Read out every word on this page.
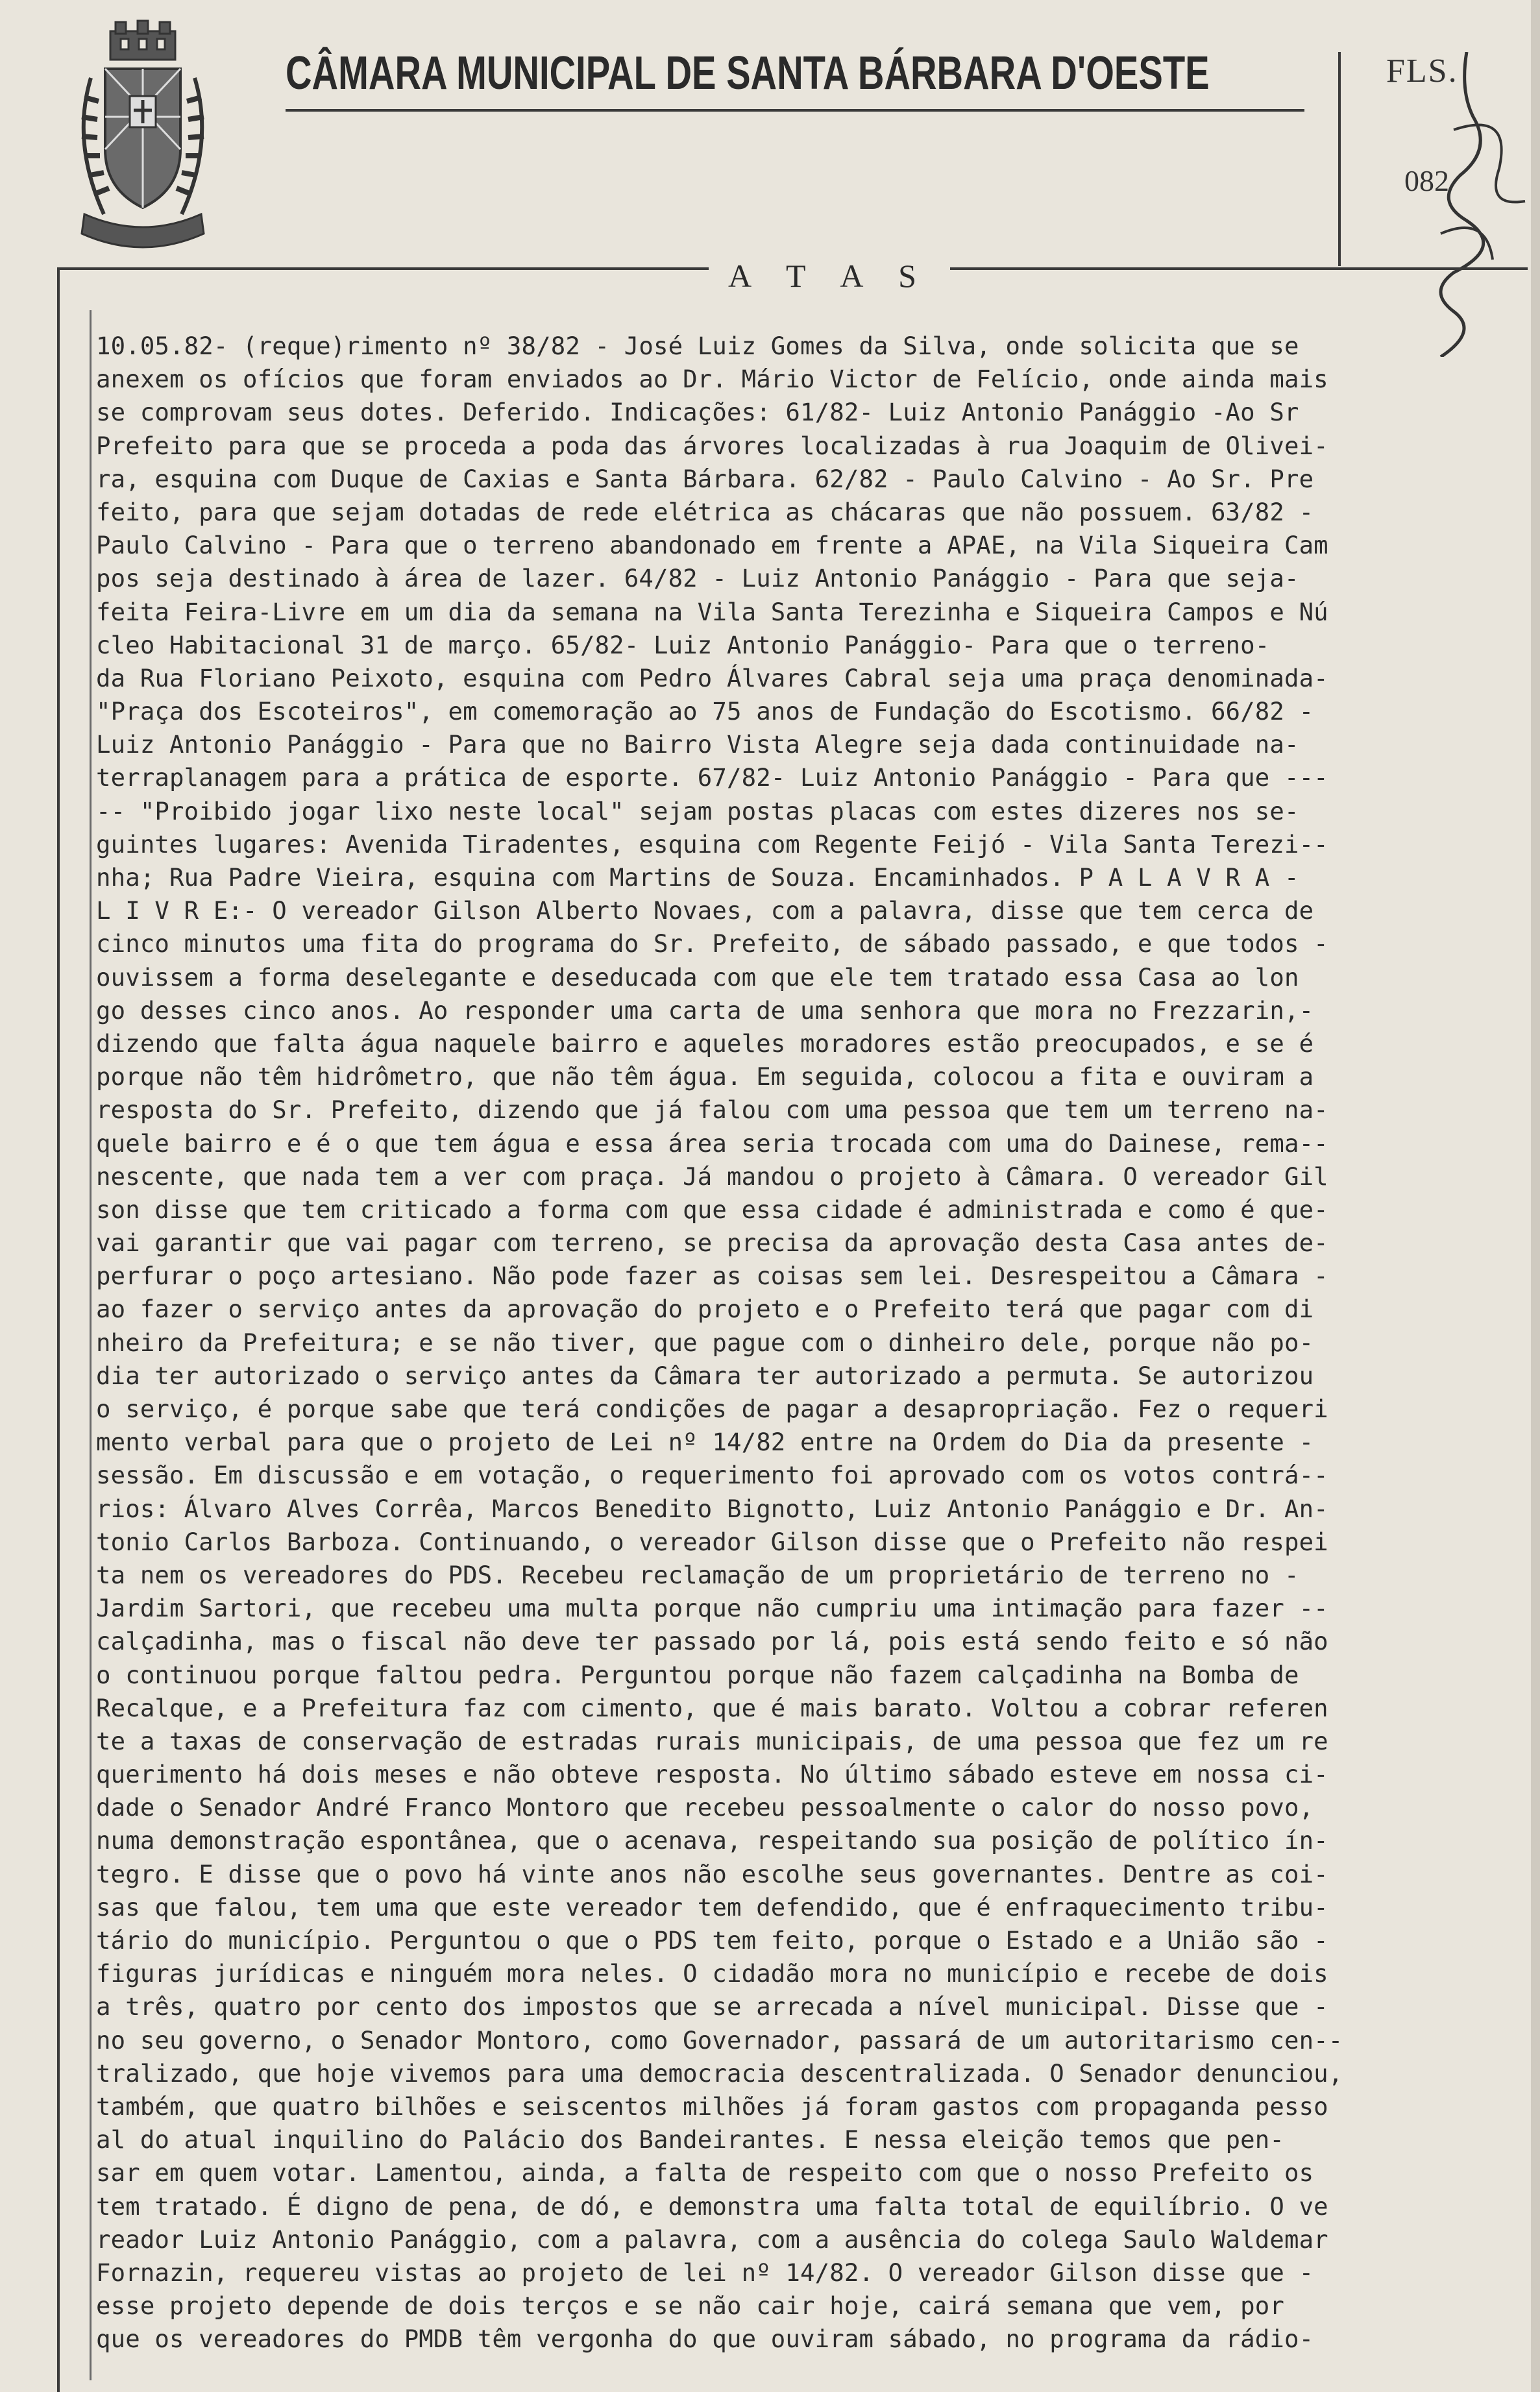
CÂMARA MUNICIPAL DE SANTA BÁRBARA D'OESTE	FLS.
082
A T A S
10.05.82- (reque)rimento nº 38/82 - José Luiz Gomes da Silva, onde solicita que se
anexem os ofícios que foram enviados ao Dr. Mário Victor de Felício, onde ainda mais
se comprovam seus dotes. Deferido. Indicações: 61/82- Luiz Antonio Panággio -Ao Sr
Prefeito para que se proceda a poda das árvores localizadas à rua Joaquim de Olivei-
ra, esquina com Duque de Caxias e Santa Bárbara. 62/82 - Paulo Calvino - Ao Sr. Pre
feito, para que sejam dotadas de rede elétrica as chácaras que não possuem. 63/82 -
Paulo Calvino - Para que o terreno abandonado em frente a APAE, na Vila Siqueira Cam
pos seja destinado à área de lazer. 64/82 - Luiz Antonio Panággio - Para que seja-
feita Feira-Livre em um dia da semana na Vila Santa Terezinha e Siqueira Campos e Nú
cleo Habitacional 31 de março. 65/82- Luiz Antonio Panággio- Para que o terreno-
da Rua Floriano Peixoto, esquina com Pedro Álvares Cabral seja uma praça denominada-
"Praça dos Escoteiros", em comemoração ao 75 anos de Fundação do Escotismo. 66/82 -
Luiz Antonio Panággio - Para que no Bairro Vista Alegre seja dada continuidade na-
terraplanagem para a prática de esporte. 67/82- Luiz Antonio Panággio - Para que ---
-- "Proibido jogar lixo neste local" sejam postas placas com estes dizeres nos se-
guintes lugares: Avenida Tiradentes, esquina com Regente Feijó - Vila Santa Terezi--
nha; Rua Padre Vieira, esquina com Martins de Souza. Encaminhados. P A L A V R A -
L I V R E:- O vereador Gilson Alberto Novaes, com a palavra, disse que tem cerca de
cinco minutos uma fita do programa do Sr. Prefeito, de sábado passado, e que todos -
ouvissem a forma deselegante e deseducada com que ele tem tratado essa Casa ao lon
go desses cinco anos. Ao responder uma carta de uma senhora que mora no Frezzarin,-
dizendo que falta água naquele bairro e aqueles moradores estão preocupados, e se é
porque não têm hidrômetro, que não têm água. Em seguida, colocou a fita e ouviram a
resposta do Sr. Prefeito, dizendo que já falou com uma pessoa que tem um terreno na-
quele bairro e é o que tem água e essa área seria trocada com uma do Dainese, rema--
nescente, que nada tem a ver com praça. Já mandou o projeto à Câmara. O vereador Gil
son disse que tem criticado a forma com que essa cidade é administrada e como é que-
vai garantir que vai pagar com terreno, se precisa da aprovação desta Casa antes de-
perfurar o poço artesiano. Não pode fazer as coisas sem lei. Desrespeitou a Câmara -
ao fazer o serviço antes da aprovação do projeto e o Prefeito terá que pagar com di
nheiro da Prefeitura; e se não tiver, que pague com o dinheiro dele, porque não po-
dia ter autorizado o serviço antes da Câmara ter autorizado a permuta. Se autorizou
o serviço, é porque sabe que terá condições de pagar a desapropriação. Fez o requeri
mento verbal para que o projeto de Lei nº 14/82 entre na Ordem do Dia da presente -
sessão. Em discussão e em votação, o requerimento foi aprovado com os votos contrá--
rios: Álvaro Alves Corrêa, Marcos Benedito Bignotto, Luiz Antonio Panággio e Dr. An-
tonio Carlos Barboza. Continuando, o vereador Gilson disse que o Prefeito não respei
ta nem os vereadores do PDS. Recebeu reclamação de um proprietário de terreno no -
Jardim Sartori, que recebeu uma multa porque não cumpriu uma intimação para fazer --
calçadinha, mas o fiscal não deve ter passado por lá, pois está sendo feito e só não
o continuou porque faltou pedra. Perguntou porque não fazem calçadinha na Bomba de
Recalque, e a Prefeitura faz com cimento, que é mais barato. Voltou a cobrar referen
te a taxas de conservação de estradas rurais municipais, de uma pessoa que fez um re
querimento há dois meses e não obteve resposta. No último sábado esteve em nossa ci-
dade o Senador André Franco Montoro que recebeu pessoalmente o calor do nosso povo,
numa demonstração espontânea, que o acenava, respeitando sua posição de político ín-
tegro. E disse que o povo há vinte anos não escolhe seus governantes. Dentre as coi-
sas que falou, tem uma que este vereador tem defendido, que é enfraquecimento tribu-
tário do município. Perguntou o que o PDS tem feito, porque o Estado e a União são -
figuras jurídicas e ninguém mora neles. O cidadão mora no município e recebe de dois
a três, quatro por cento dos impostos que se arrecada a nível municipal. Disse que -
no seu governo, o Senador Montoro, como Governador, passará de um autoritarismo cen--
tralizado, que hoje vivemos para uma democracia descentralizada. O Senador denunciou,
também, que quatro bilhões e seiscentos milhões já foram gastos com propaganda pesso
al do atual inquilino do Palácio dos Bandeirantes. E nessa eleição temos que pen-
sar em quem votar. Lamentou, ainda, a falta de respeito com que o nosso Prefeito os
tem tratado. É digno de pena, de dó, e demonstra uma falta total de equilíbrio. O ve
reador Luiz Antonio Panággio, com a palavra, com a ausência do colega Saulo Waldemar
Fornazin, requereu vistas ao projeto de lei nº 14/82. O vereador Gilson disse que -
esse projeto depende de dois terços e se não cair hoje, cairá semana que vem, por
que os vereadores do PMDB têm vergonha do que ouviram sábado, no programa da rádio-
